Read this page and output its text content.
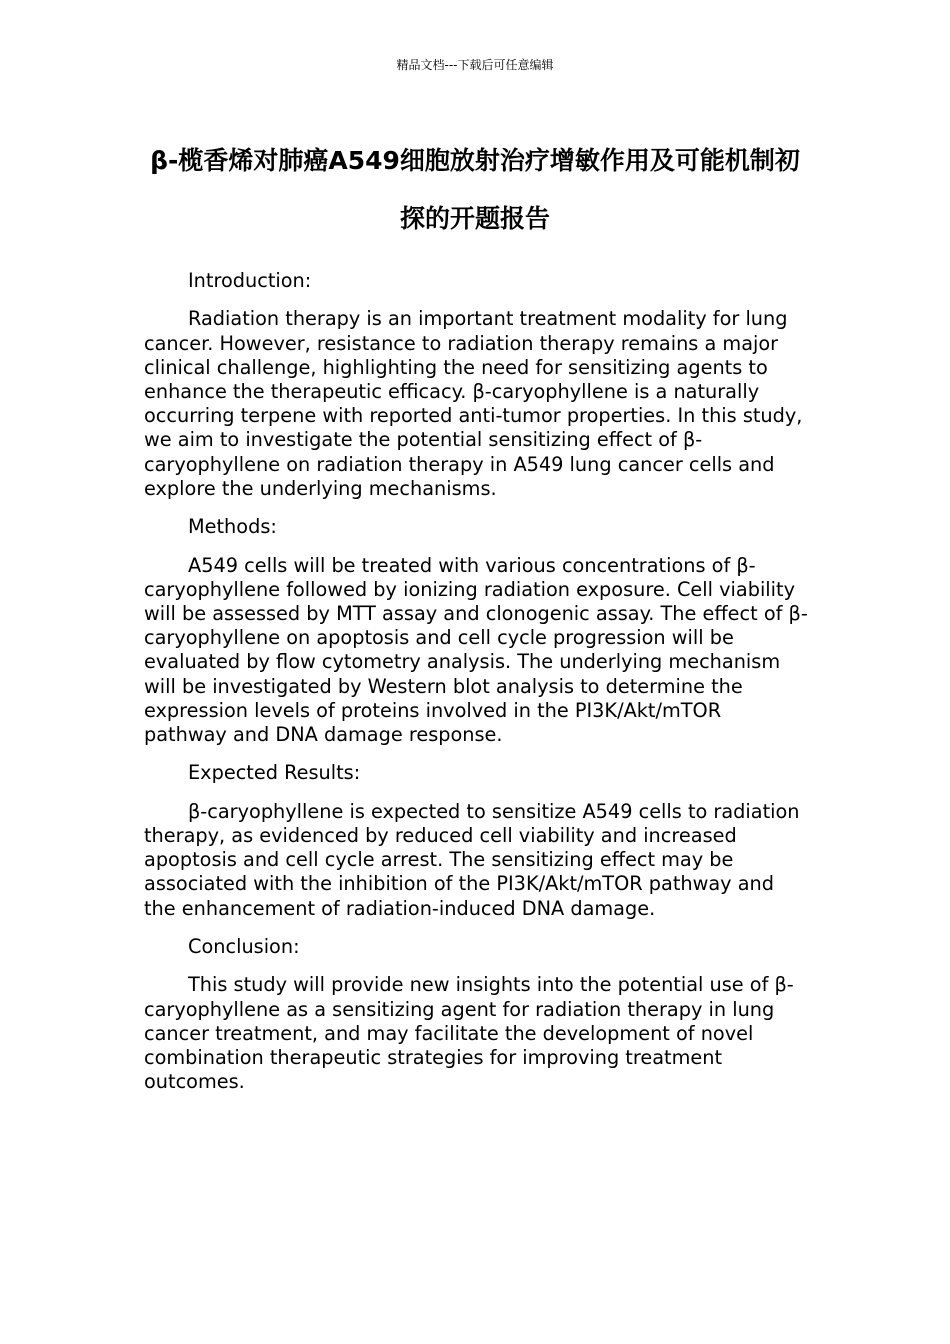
精品文档---下载后可任意编辑
β-榄香烯对肺癌A549细胞放射治疗增敏作用及可能机制初探的开题报告

Introduction:

Radiation therapy is an important treatment modality for lung cancer. However, resistance to radiation therapy remains a major clinical challenge, highlighting the need for sensitizing agents to enhance the therapeutic efficacy. β-caryophyllene is a naturally occurring terpene with reported anti-tumor properties. In this study, we aim to investigate the potential sensitizing effect of β-caryophyllene on radiation therapy in A549 lung cancer cells and explore the underlying mechanisms.

Methods:

A549 cells will be treated with various concentrations of β-caryophyllene followed by ionizing radiation exposure. Cell viability will be assessed by MTT assay and clonogenic assay. The effect of β-caryophyllene on apoptosis and cell cycle progression will be evaluated by flow cytometry analysis. The underlying mechanism will be investigated by Western blot analysis to determine the expression levels of proteins involved in the PI3K/Akt/mTOR pathway and DNA damage response.

Expected Results:

β-caryophyllene is expected to sensitize A549 cells to radiation therapy, as evidenced by reduced cell viability and increased apoptosis and cell cycle arrest. The sensitizing effect may be associated with the inhibition of the PI3K/Akt/mTOR pathway and the enhancement of radiation-induced DNA damage.

Conclusion:

This study will provide new insights into the potential use of β-caryophyllene as a sensitizing agent for radiation therapy in lung cancer treatment, and may facilitate the development of novel combination therapeutic strategies for improving treatment outcomes.
